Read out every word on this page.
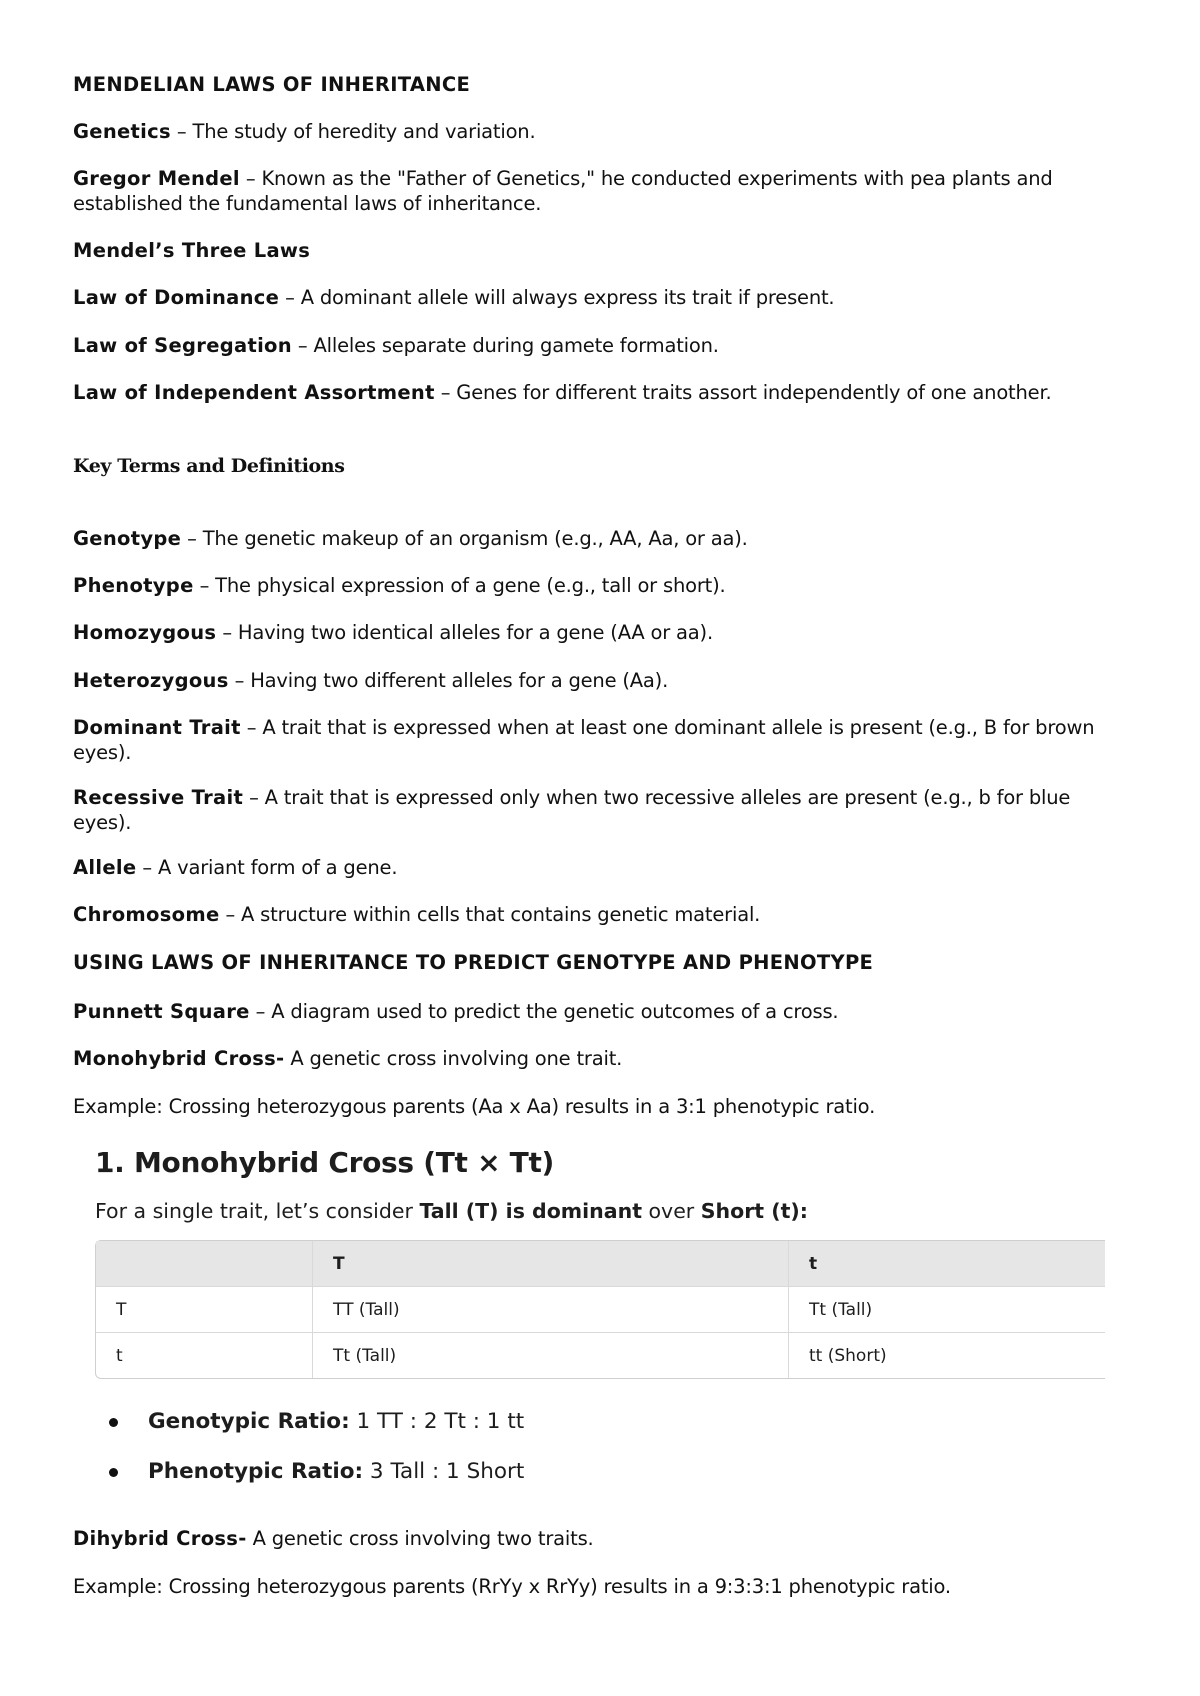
MENDELIAN LAWS OF INHERITANCE

Genetics – The study of heredity and variation.

Gregor Mendel – Known as the "Father of Genetics," he conducted experiments with pea plants and established the fundamental laws of inheritance.

Mendel’s Three Laws

Law of Dominance – A dominant allele will always express its trait if present.

Law of Segregation – Alleles separate during gamete formation.

Law of Independent Assortment – Genes for different traits assort independently of one another.

Key Terms and Definitions

Genotype – The genetic makeup of an organism (e.g., AA, Aa, or aa).

Phenotype – The physical expression of a gene (e.g., tall or short).

Homozygous – Having two identical alleles for a gene (AA or aa).

Heterozygous – Having two different alleles for a gene (Aa).

Dominant Trait – A trait that is expressed when at least one dominant allele is present (e.g., B for brown eyes).

Recessive Trait – A trait that is expressed only when two recessive alleles are present (e.g., b for blue eyes).

Allele – A variant form of a gene.

Chromosome – A structure within cells that contains genetic material.

USING LAWS OF INHERITANCE TO PREDICT GENOTYPE AND PHENOTYPE

Punnett Square – A diagram used to predict the genetic outcomes of a cross.

Monohybrid Cross- A genetic cross involving one trait.

Example: Crossing heterozygous parents (Aa x Aa) results in a 3:1 phenotypic ratio.

1. Monohybrid Cross (Tt × Tt)
For a single trait, let’s consider Tall (T) is dominant over Short (t):
	T	t
T	TT (Tall)	Tt (Tall)
t	Tt (Tall)	tt (Short)
Genotypic Ratio: 1 TT : 2 Tt : 1 tt
Phenotypic Ratio: 3 Tall : 1 Short

Dihybrid Cross- A genetic cross involving two traits.

Example: Crossing heterozygous parents (RrYy x RrYy) results in a 9:3:3:1 phenotypic ratio.
